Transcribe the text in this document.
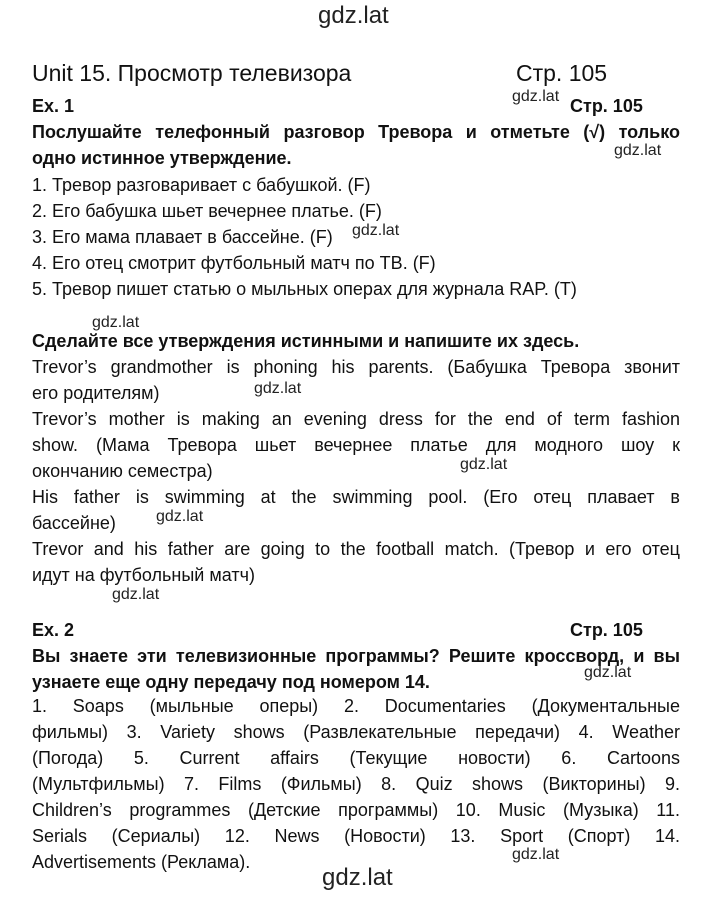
gdz.lat
Unit 15. Просмотр телевизора	Стр. 105
Ex. 1	gdz.lat Стр. 105
Послушайте телефонный разговор Тревора и отметьте (√) только
одно истинное утверждение.	gdz.lat
1. Тревор разговаривает с бабушкой. (F)
2. Его бабушка шьет вечернее платье. (F)
3. Его мама плавает в бассейне. (F) gdz.lat
4. Его отец смотрит футбольный матч по ТВ. (F)
5. Тревор пишет статью о мыльных операх для журнала RAP. (T)
gdz.lat
Сделайте все утверждения истинными и напишите их здесь.
Trevor’s grandmother is phoning his parents. (Бабушка Тревора звонит
его родителям)	gdz.lat
Trevor’s mother is making an evening dress for the end of term fashion
show. (Мама Тревора шьет вечернее платье для модного шоу к
окончанию семестра)	gdz.lat
His father is swimming at the swimming pool. (Его отец плавает в
бассейне)	gdz.lat
Trevor and his father are going to the football match. (Тревор и его отец
идут на футбольный матч)
gdz.lat
Ex. 2	Стр. 105
Вы знаете эти телевизионные программы? Решите кроссворд, и вы
gdz.lat
узнаете еще одну передачу под номером 14.
1. Soaps (мыльные оперы) 2. Documentaries (Документальные
фильмы) 3. Variety shows (Развлекательные передачи) 4. Weather
(Погода) 5. Current affairs (Текущие новости) 6. Cartoons
(Мультфильмы) 7. Films (Фильмы) 8. Quiz shows (Викторины) 9.
Children’s programmes (Детские программы) 10. Music (Музыка) 11.
Serials (Сериалы) 12. News (Новости) 13. Sport (Спорт) 14.
gdz.lat
Advertisements (Реклама).
gdz.lat
